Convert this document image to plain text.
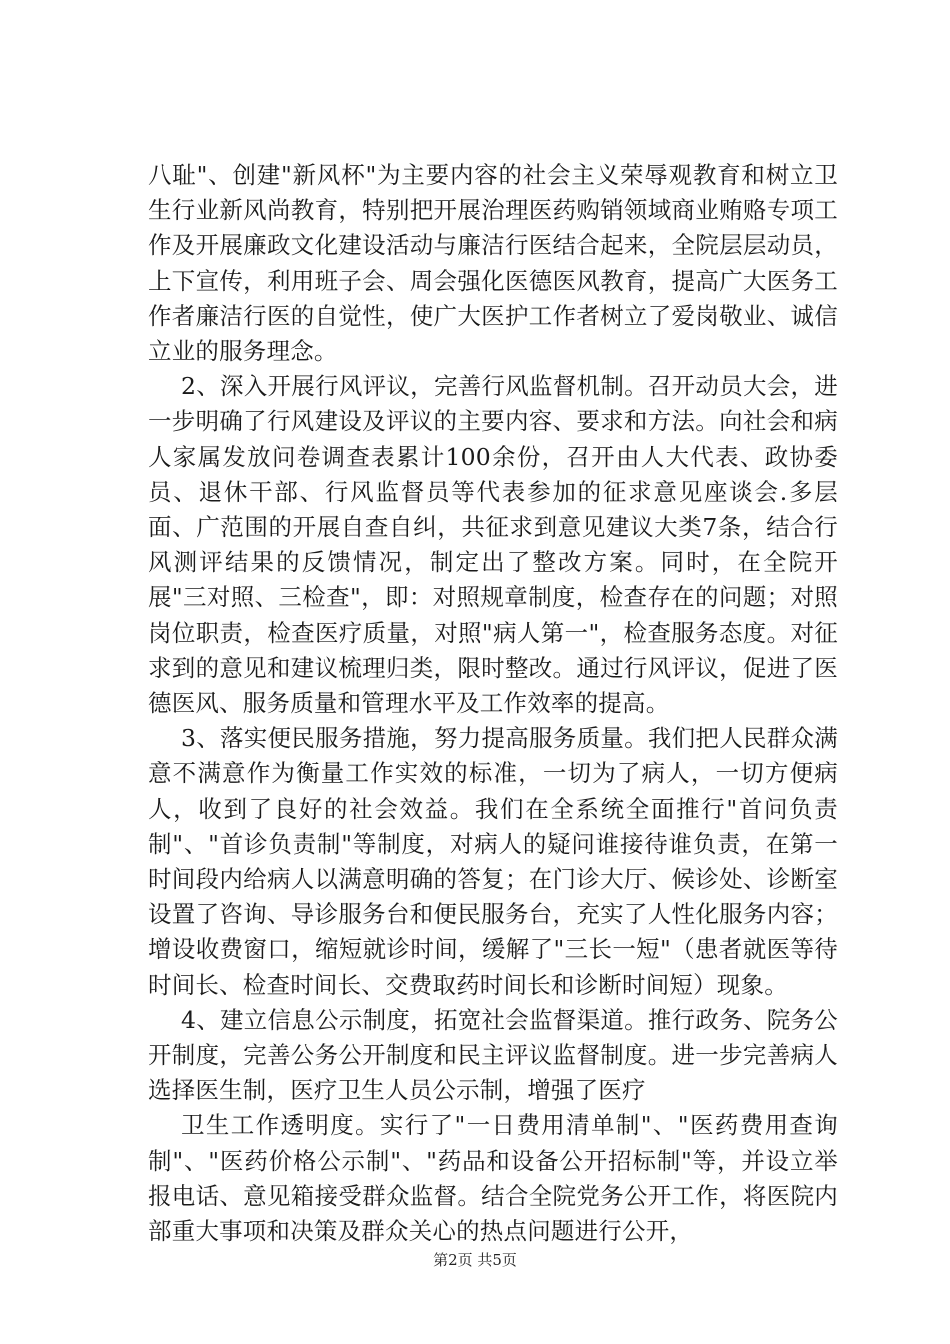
八耻"、创建"新风杯"为主要内容的社会主义荣辱观教育和树立卫生行业新风尚教育，特别把开展治理医药购销领域商业贿赂专项工作及开展廉政文化建设活动与廉洁行医结合起来，全院层层动员，上下宣传，利用班子会、周会强化医德医风教育，提高广大医务工作者廉洁行医的自觉性，使广大医护工作者树立了爱岗敬业、诚信立业的服务理念。

2、深入开展行风评议，完善行风监督机制。召开动员大会，进一步明确了行风建设及评议的主要内容、要求和方法。向社会和病人家属发放问卷调查表累计100余份，召开由人大代表、政协委员、退休干部、行风监督员等代表参加的征求意见座谈会.多层面、广范围的开展自查自纠，共征求到意见建议大类7条，结合行风测评结果的反馈情况，制定出了整改方案。同时，在全院开展"三对照、三检查"，即：对照规章制度，检查存在的问题；对照岗位职责，检查医疗质量，对照"病人第一"，检查服务态度。对征求到的意见和建议梳理归类，限时整改。通过行风评议，促进了医德医风、服务质量和管理水平及工作效率的提高。

3、落实便民服务措施，努力提高服务质量。我们把人民群众满意不满意作为衡量工作实效的标准，一切为了病人，一切方便病人，收到了良好的社会效益。我们在全系统全面推行"首问负责制"、"首诊负责制"等制度，对病人的疑问谁接待谁负责，在第一时间段内给病人以满意明确的答复；在门诊大厅、候诊处、诊断室设置了咨询、导诊服务台和便民服务台，充实了人性化服务内容；增设收费窗口，缩短就诊时间，缓解了"三长一短"（患者就医等待时间长、检查时间长、交费取药时间长和诊断时间短）现象。

4、建立信息公示制度，拓宽社会监督渠道。推行政务、院务公开制度，完善公务公开制度和民主评议监督制度。进一步完善病人选择医生制，医疗卫生人员公示制，增强了医疗

卫生工作透明度。实行了"一日费用清单制"、"医药费用查询制"、"医药价格公示制"、"药品和设备公开招标制"等，并设立举报电话、意见箱接受群众监督。结合全院党务公开工作，将医院内部重大事项和决策及群众关心的热点问题进行公开，

第2页 共5页
